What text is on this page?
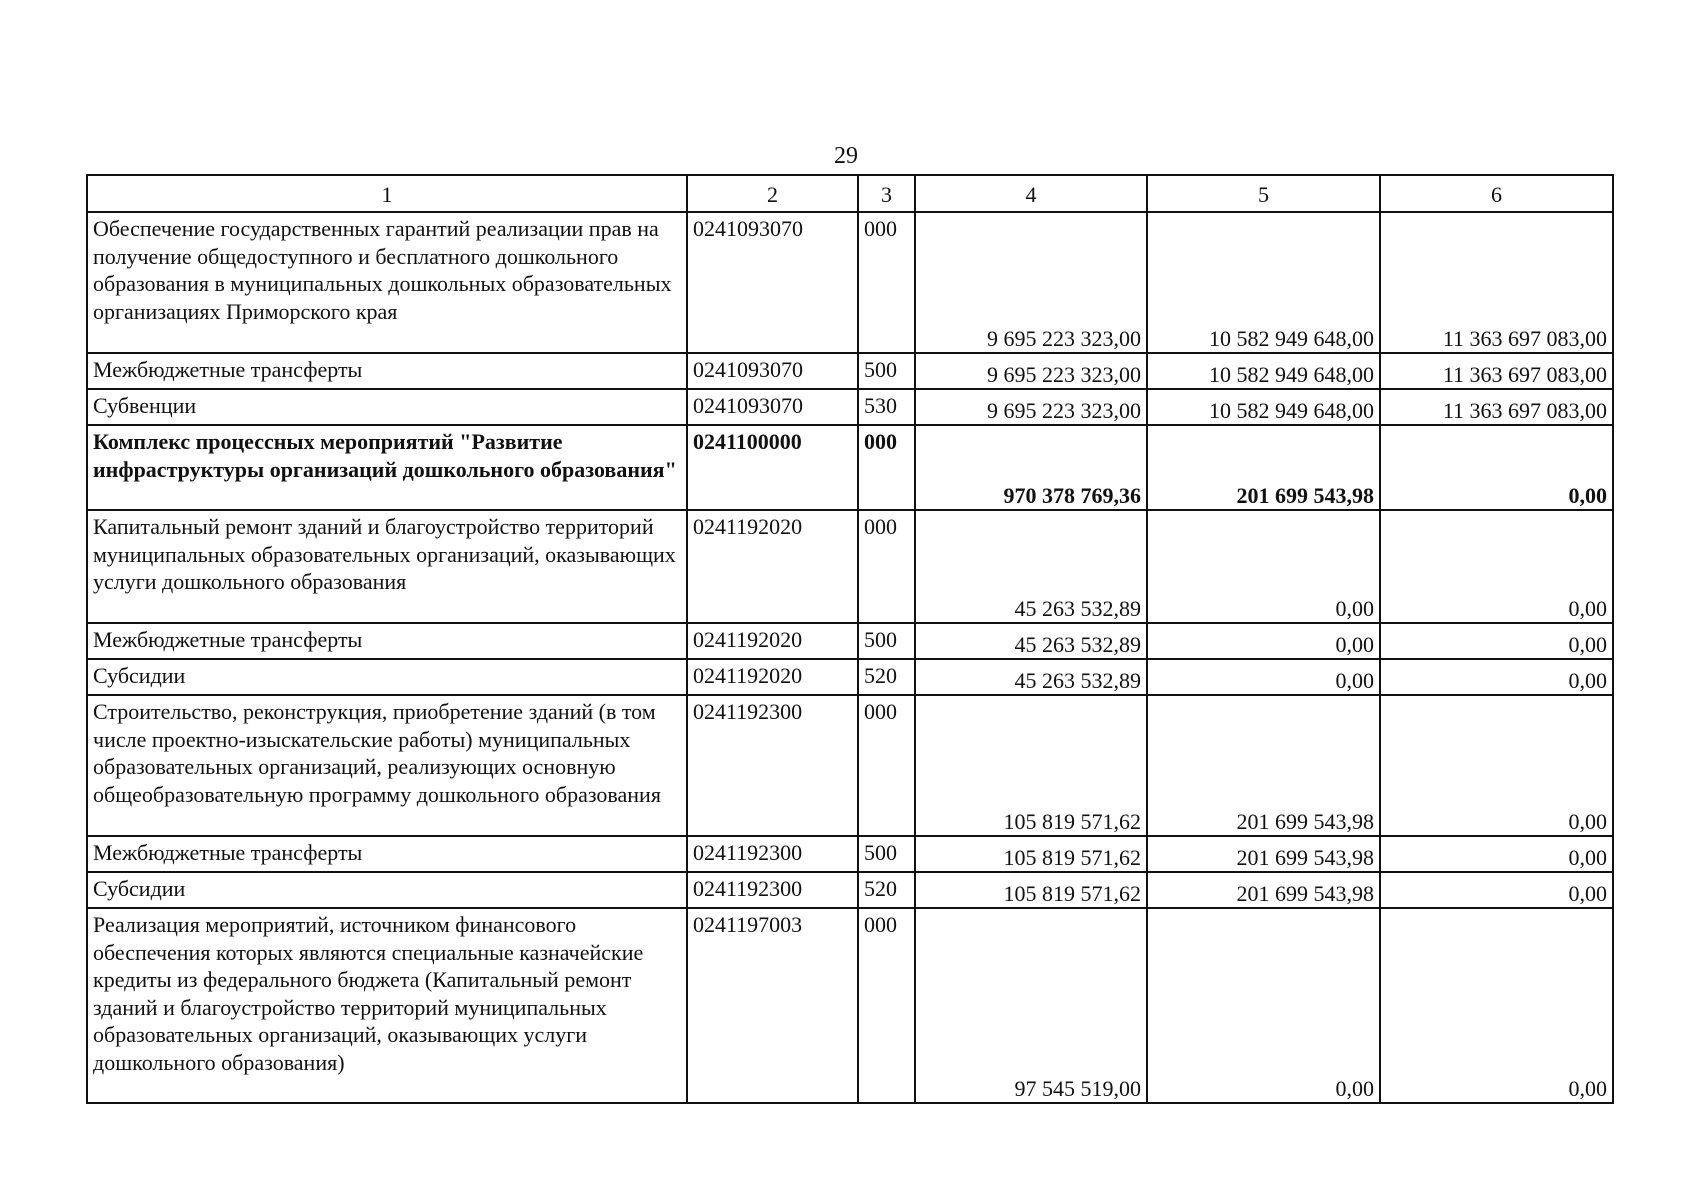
29
1	2	3	4	5	6
Обеспечение государственных гарантий реализации прав на получение общедоступного и бесплатного дошкольного образования в муниципальных дошкольных образовательных организациях Приморского края	0241093070	000	9 695 223 323,00	10 582 949 648,00	11 363 697 083,00
Межбюджетные трансферты	0241093070	500	9 695 223 323,00	10 582 949 648,00	11 363 697 083,00
Субвенции	0241093070	530	9 695 223 323,00	10 582 949 648,00	11 363 697 083,00
Комплекс процессных мероприятий "Развитие инфраструктуры организаций дошкольного образования"	0241100000	000	970 378 769,36	201 699 543,98	0,00
Капитальный ремонт зданий и благоустройство территорий муниципальных образовательных организаций, оказывающих услуги дошкольного образования	0241192020	000	45 263 532,89	0,00	0,00
Межбюджетные трансферты	0241192020	500	45 263 532,89	0,00	0,00
Субсидии	0241192020	520	45 263 532,89	0,00	0,00
Строительство, реконструкция, приобретение зданий (в том числе проектно-изыскательские работы) муниципальных образовательных организаций, реализующих основную общеобразовательную программу дошкольного образования	0241192300	000	105 819 571,62	201 699 543,98	0,00
Межбюджетные трансферты	0241192300	500	105 819 571,62	201 699 543,98	0,00
Субсидии	0241192300	520	105 819 571,62	201 699 543,98	0,00
Реализация мероприятий, источником финансового обеспечения которых являются специальные казначейские кредиты из федерального бюджета (Капитальный ремонт зданий и благоустройство территорий муниципальных образовательных организаций, оказывающих услуги дошкольного образования)	0241197003	000	97 545 519,00	0,00	0,00
